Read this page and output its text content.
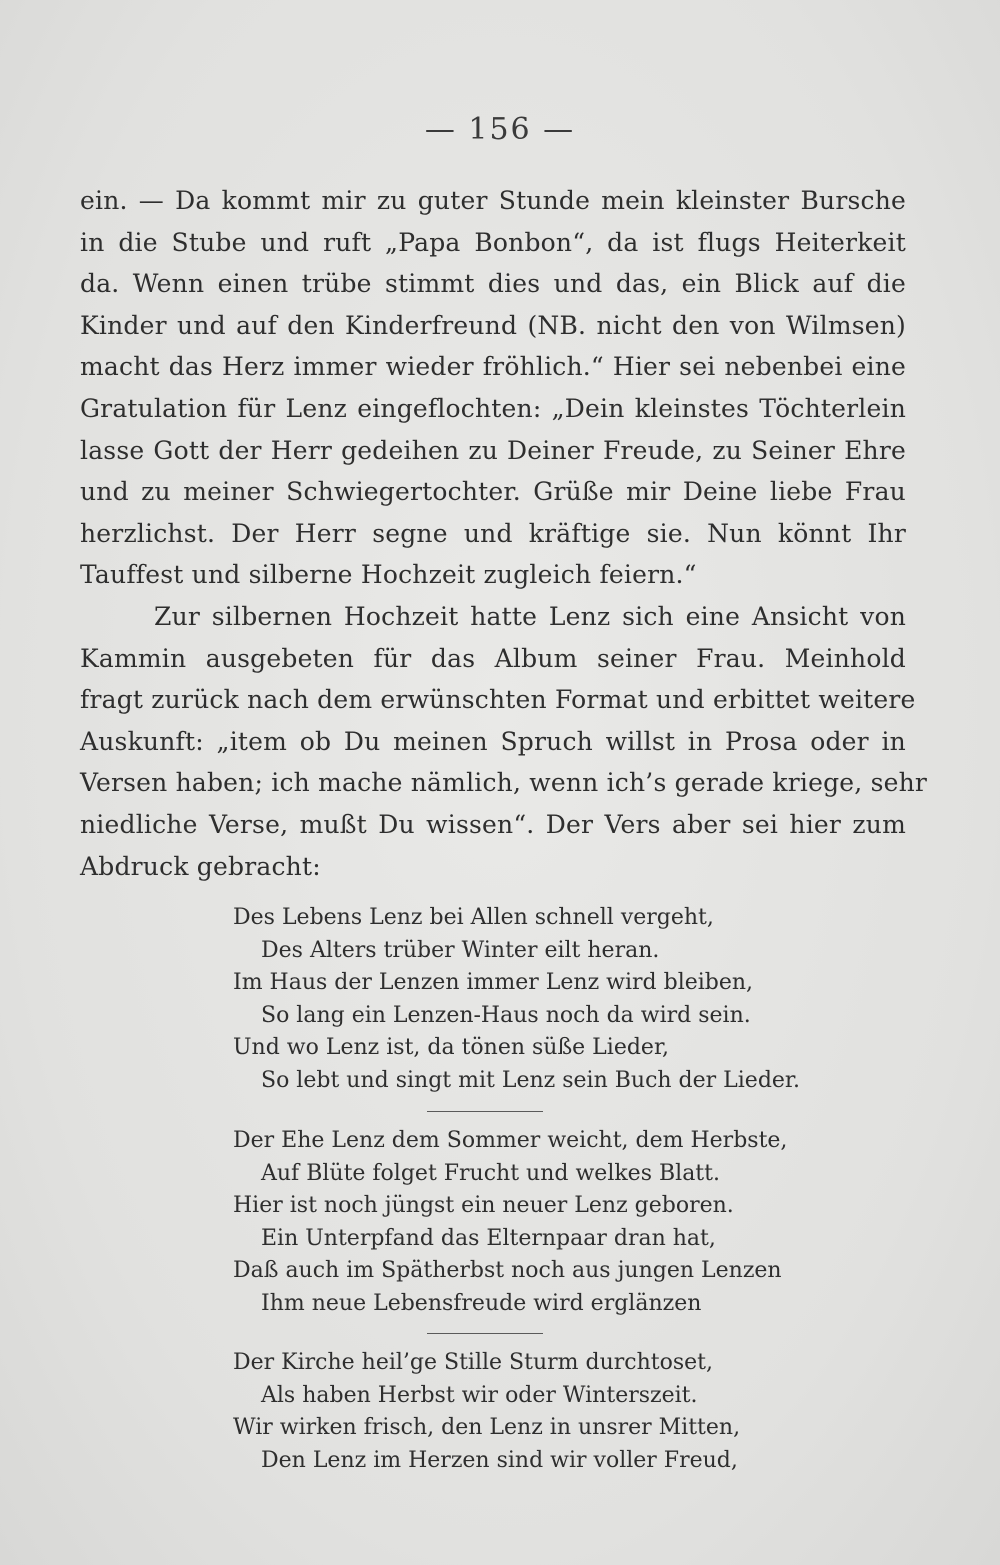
— 156 —
ein. — Da kommt mir zu guter Stunde mein kleinster Bursche
in die Stube und ruft „Papa Bonbon“, da ist flugs Heiterkeit
da. Wenn einen trübe stimmt dies und das, ein Blick auf die
Kinder und auf den Kinderfreund (NB. nicht den von Wilmsen)
macht das Herz immer wieder fröhlich.“ Hier sei nebenbei eine
Gratulation für Lenz eingeflochten: „Dein kleinstes Töchterlein
lasse Gott der Herr gedeihen zu Deiner Freude, zu Seiner Ehre
und zu meiner Schwiegertochter. Grüße mir Deine liebe Frau
herzlichst. Der Herr segne und kräftige sie. Nun könnt Ihr
Tauffest und silberne Hochzeit zugleich feiern.“
Zur silbernen Hochzeit hatte Lenz sich eine Ansicht von
Kammin ausgebeten für das Album seiner Frau. Meinhold
fragt zurück nach dem erwünschten Format und erbittet weitere
Auskunft: „item ob Du meinen Spruch willst in Prosa oder in
Versen haben; ich mache nämlich, wenn ich’s gerade kriege, sehr
niedliche Verse, mußt Du wissen“. Der Vers aber sei hier zum
Abdruck gebracht:
Des Lebens Lenz bei Allen schnell vergeht,
Des Alters trüber Winter eilt heran.
Im Haus der Lenzen immer Lenz wird bleiben,
So lang ein Lenzen-Haus noch da wird sein.
Und wo Lenz ist, da tönen süße Lieder,
So lebt und singt mit Lenz sein Buch der Lieder.
Der Ehe Lenz dem Sommer weicht, dem Herbste,
Auf Blüte folget Frucht und welkes Blatt.
Hier ist noch jüngst ein neuer Lenz geboren.
Ein Unterpfand das Elternpaar dran hat,
Daß auch im Spätherbst noch aus jungen Lenzen
Ihm neue Lebensfreude wird erglänzen
Der Kirche heil’ge Stille Sturm durchtoset,
Als haben Herbst wir oder Winterszeit.
Wir wirken frisch, den Lenz in unsrer Mitten,
Den Lenz im Herzen sind wir voller Freud,
